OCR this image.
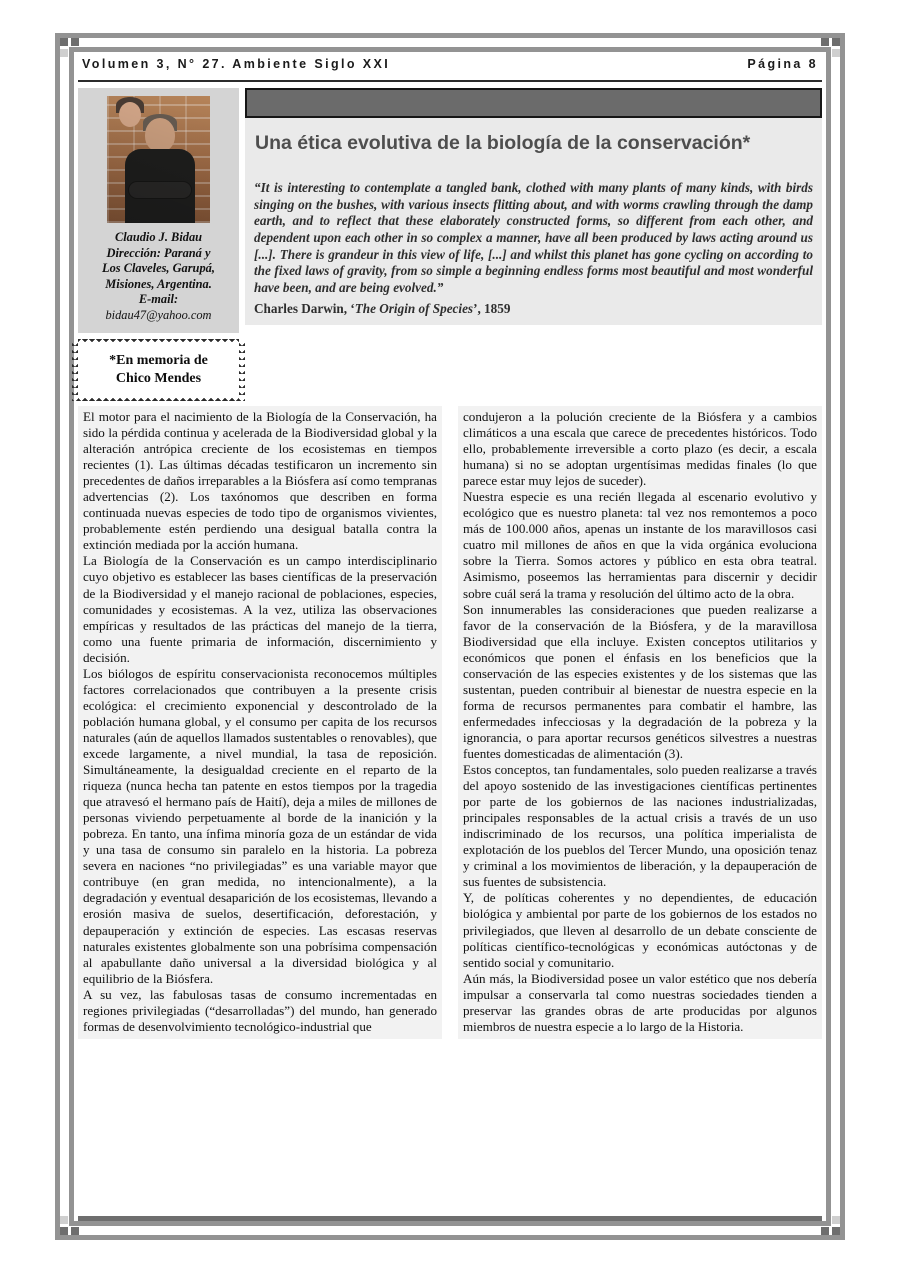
Volumen 3, N° 27. Ambiente Siglo XXI	Página 8
Claudio J. Bidau
Dirección: Paraná y
Los Claveles, Garupá,
Misiones, Argentina.
E-mail:
bidau47@yahoo.com
*En memoria de
Chico Mendes
Una ética evolutiva de la biología de la conservación*
“It is interesting to contemplate a tangled bank, clothed with many plants of many kinds, with birds singing on the bushes, with various insects flitting about, and with worms crawling through the damp earth, and to reflect that these elaborately constructed forms, so different from each other, and dependent upon each other in so complex a manner, have all been produced by laws acting around us [...]. There is grandeur in this view of life, [...] and whilst this planet has gone cycling on according to the fixed laws of gravity, from so simple a beginning endless forms most beautiful and most wonderful have been, and are being evolved.”
Charles Darwin, ‘The Origin of Species’, 1859

El motor para el nacimiento de la Biología de la Conservación, ha sido la pérdida continua y acelerada de la Biodiversidad global y la alteración antrópica creciente de los ecosistemas en tiempos recientes (1). Las últimas décadas testificaron un incremento sin precedentes de daños irreparables a la Biósfera así como tempranas advertencias (2). Los taxónomos que describen en forma continuada nuevas especies de todo tipo de organismos vivientes, probablemente estén perdiendo una desigual batalla contra la extinción mediada por la acción humana.

La Biología de la Conservación es un campo interdisciplinario cuyo objetivo es establecer las bases científicas de la preservación de la Biodiversidad y el manejo racional de poblaciones, especies, comunidades y ecosistemas. A la vez, utiliza las observaciones empíricas y resultados de las prácticas del manejo de la tierra, como una fuente primaria de información, discernimiento y decisión.

Los biólogos de espíritu conservacionista reconocemos múltiples factores correlacionados que contribuyen a la presente crisis ecológica: el crecimiento exponencial y descontrolado de la población humana global, y el consumo per capita de los recursos naturales (aún de aquellos llamados sustentables o renovables), que excede largamente, a nivel mundial, la tasa de reposición. Simultáneamente, la desigualdad creciente en el reparto de la riqueza (nunca hecha tan patente en estos tiempos por la tragedia que atravesó el hermano país de Haití), deja a miles de millones de personas viviendo perpetuamente al borde de la inanición y la pobreza. En tanto, una ínfima minoría goza de un estándar de vida y una tasa de consumo sin paralelo en la historia. La pobreza severa en naciones “no privilegiadas” es una variable mayor que contribuye (en gran medida, no intencionalmente), a la degradación y eventual desaparición de los ecosistemas, llevando a erosión masiva de suelos, desertificación, deforestación, y depauperación y extinción de especies. Las escasas reservas naturales existentes globalmente son una pobrísima compensación al apabullante daño universal a la diversidad biológica y al equilibrio de la Biósfera.

A su vez, las fabulosas tasas de consumo incrementadas en regiones privilegiadas (“desarrolladas”) del mundo, han generado formas de desenvolvimiento tecnológico-industrial que

condujeron a la polución creciente de la Biósfera y a cambios climáticos a una escala que carece de precedentes históricos. Todo ello, probablemente irreversible a corto plazo (es decir, a escala humana) si no se adoptan urgentísimas medidas finales (lo que parece estar muy lejos de suceder).

Nuestra especie es una recién llegada al escenario evolutivo y ecológico que es nuestro planeta: tal vez nos remontemos a poco más de 100.000 años, apenas un instante de los maravillosos casi cuatro mil millones de años en que la vida orgánica evoluciona sobre la Tierra. Somos actores y público en esta obra teatral. Asimismo, poseemos las herramientas para discernir y decidir sobre cuál será la trama y resolución del último acto de la obra.

Son innumerables las consideraciones que pueden realizarse a favor de la conservación de la Biósfera, y de la maravillosa Biodiversidad que ella incluye. Existen conceptos utilitarios y económicos que ponen el énfasis en los beneficios que la conservación de las especies existentes y de los sistemas que las sustentan, pueden contribuir al bienestar de nuestra especie en la forma de recursos permanentes para combatir el hambre, las enfermedades infecciosas y la degradación de la pobreza y la ignorancia, o para aportar recursos genéticos silvestres a nuestras fuentes domesticadas de alimentación (3).

Estos conceptos, tan fundamentales, solo pueden realizarse a través del apoyo sostenido de las investigaciones científicas pertinentes por parte de los gobiernos de las naciones industrializadas, principales responsables de la actual crisis a través de un uso indiscriminado de los recursos, una política imperialista de explotación de los pueblos del Tercer Mundo, una oposición tenaz y criminal a los movimientos de liberación, y la depauperación de sus fuentes de subsistencia.

Y, de políticas coherentes y no dependientes, de educación biológica y ambiental por parte de los gobiernos de los estados no privilegiados, que lleven al desarrollo de un debate consciente de políticas científico-tecnológicas y económicas autóctonas y de sentido social y comunitario.

Aún más, la Biodiversidad posee un valor estético que nos debería impulsar a conservarla tal como nuestras sociedades tienden a preservar las grandes obras de arte producidas por algunos miembros de nuestra especie a lo largo de la Historia.
